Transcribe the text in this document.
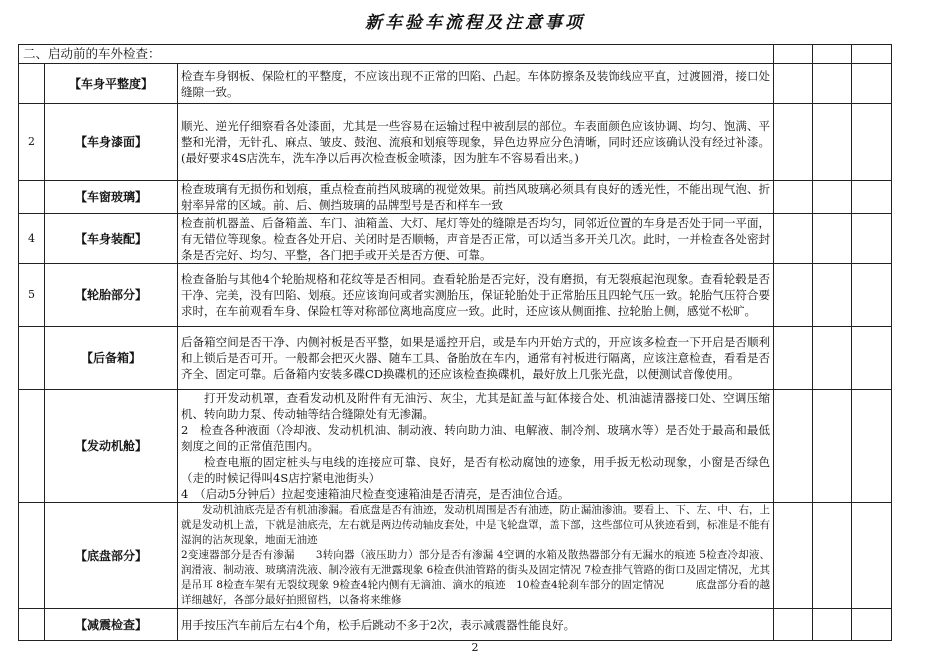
新车验车流程及注意事项
二、启动前的车外检查：					
	【车身平整度】	检查车身钢板、保险杠的平整度，不应该出现不正常的凹陷、凸起。车体防擦条及装饰线应平直，过渡圆滑，接口处缝隙一致。			

2	【车身漆面】	顺光、逆光仔细察看各处漆面，尤其是一些容易在运输过程中被刮层的部位。车表面颜色应该协调、均匀、饱满、平整和光滑，无针孔、麻点、皱皮、鼓泡、流痕和划痕等现象，异色边界应分色清晰，同时还应该确认没有经过补漆。(最好要求4S店洗车，洗车净以后再次检查板金喷漆，因为脏车不容易看出来。)			

	【车窗玻璃】	检查玻璃有无损伤和划痕，重点检查前挡风玻璃的视觉效果。前挡风玻璃必须具有良好的透光性，不能出现气泡、折射率异常的区域。前、后、侧挡玻璃的品牌型号是否和样车一致			

4	【车身装配】	检查前机器盖、后备箱盖、车门、油箱盖、大灯、尾灯等处的缝隙是否均匀，同邻近位置的车身是否处于同一平面，有无错位等现象。检查各处开启、关闭时是否顺畅，声音是否正常，可以适当多开关几次。此时，一并检查各处密封条是否完好、均匀、平整，各门把手或开关是否方便、可靠。			

5	【轮胎部分】	检查备胎与其他4个轮胎规格和花纹等是否相同。查看轮胎是否完好，没有磨损，有无裂痕起泡现象。查看轮毂是否干净、完美，没有凹陷、划痕。还应该询问或者实测胎压，保证轮胎处于正常胎压且四轮气压一致。轮胎气压符合要求时，在车前观看车身、保险杠等对称部位离地高度应一致。此时，还应该从侧面推、拉轮胎上侧，感觉不松旷。			

	【后备箱】	后备箱空间是否干净、内侧衬板是否平整，如果是遥控开启，或是车内开始方式的，开应该多检查一下开启是否顺利和上锁后是否可开。一般都会把灭火器、随车工具、备胎放在车内，通常有衬板进行隔离，应该注意检查，看看是否齐全、固定可靠。后备箱内安装多碟CD换碟机的还应该检查换碟机，最好放上几张光盘，以便测试音像使用。			

	【发动机舱】	打开发动机罩，查看发动机及附件有无油污、灰尘，尤其是缸盖与缸体接合处、机油滤清器接口处、空调压缩机、转向助力泵、传动轴等结合缝隙处有无渗漏。
2　检查各种液面（冷却液、发动机机油、制动液、转向助力油、电解液、制冷剂、玻璃水等）是否处于最高和最低刻度之间的正常值范围内。
检查电瓶的固定桩头与电线的连接应可靠、良好，是否有松动腐蚀的迹象，用手扳无松动现象，小窗是否绿色（走的时候记得叫4S店拧紧电池街头）
4　（启动5分钟后）拉起变速箱油尺检查变速箱油是否清亮，是否油位合适。			

	【底盘部分】	发动机油底壳是否有机油渗漏。看底盘是否有油迹，发动机周围是否有油迹，防止漏油渗油。要看上、下、左、中、右，上就是发动机上盖，下就是油底壳，左右就是两边传动轴皮套处，中是飞轮盘罩，盖下部，这些部位可从狭迹看到，标准是不能有湿润的沾灰现象，地面无油迹
2变速器部分是否有渗漏　　3转向器（液压助力）部分是否有渗漏 4空调的水箱及散热器部分有无漏水的痕迹 5检查冷却液、润滑液、制动液、玻璃清洗液、制冷液有无泄露现象 6检查供油管路的街头及固定情况 7检查排气管路的街口及固定情况，尤其是吊耳 8检查车架有无裂纹现象 9检查4轮内侧有无滴油、滴水的痕迹　10检查4轮刹车部分的固定情况　　　底盘部分看的越详细越好，各部分最好拍照留档，以备将来维修			

	【减震检查】	用手按压汽车前后左右4个角，松手后跳动不多于2次，表示减震器性能良好。			

2
